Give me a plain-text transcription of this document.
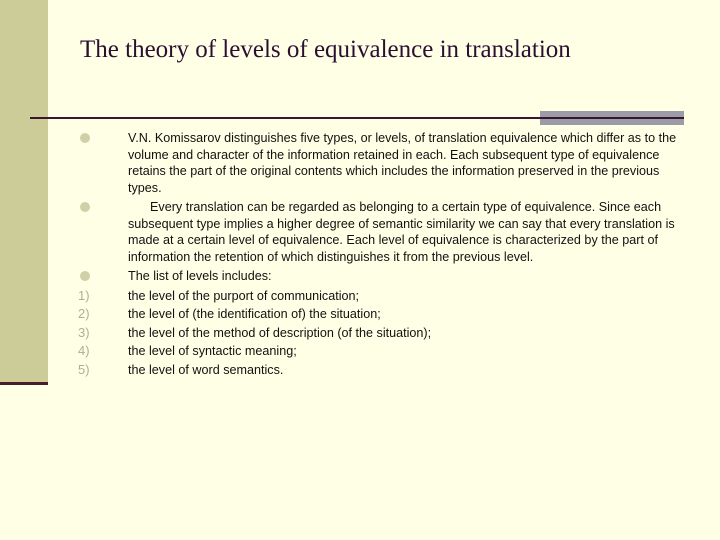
The theory of levels of equivalence in translation
V.N. Komissarov distinguishes five types, or levels, of translation equivalence which differ as to the volume and character of the information retained in each. Each subsequent type of equivalence retains the part of the original contents which includes the information preserved in the previous types.
Every translation can be regarded as belonging to a certain type of equivalence. Since each subsequent type implies a higher degree of semantic similarity we can say that every translation is made at a certain level of equivalence. Each level of equivalence is characterized by the part of information the retention of which distinguishes it from the previous level.
The list of levels includes:
1)	the level of the purport of communication;
2)	the level of (the identification of) the situation;
3)	the level of the method of description (of the situation);
4)	the level of syntactic meaning;
5)	the level of word semantics.
